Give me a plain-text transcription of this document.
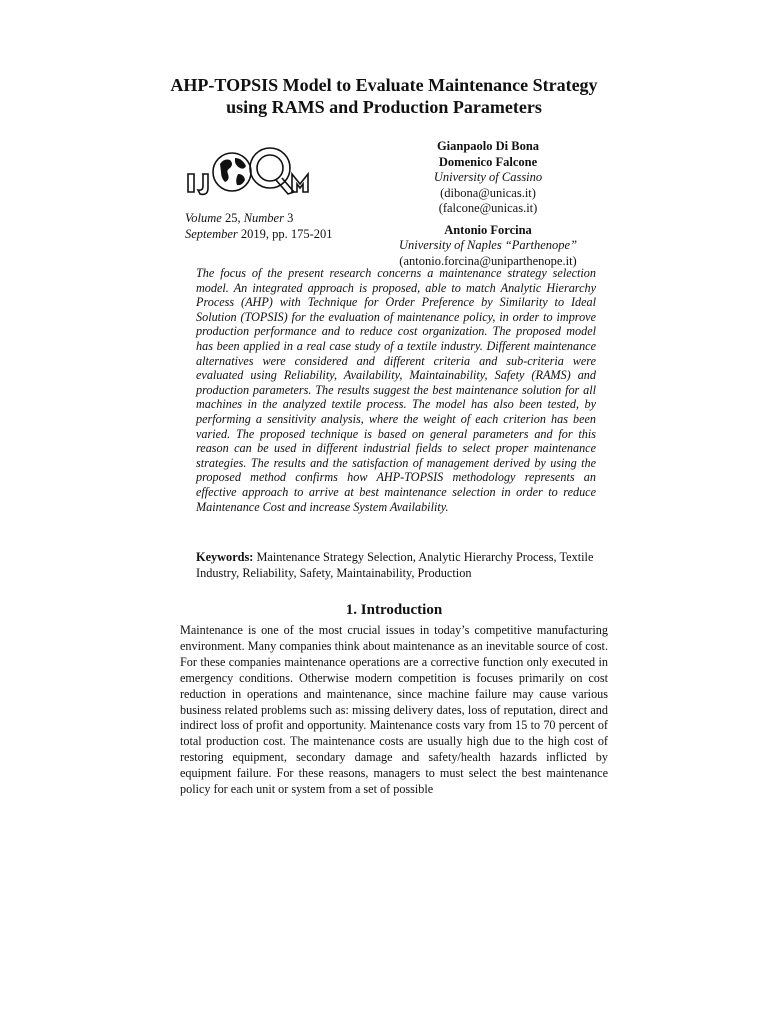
AHP-TOPSIS Model to Evaluate Maintenance Strategy using RAMS and Production Parameters
Volume 25, Number 3
September 2019, pp. 175-201
Gianpaolo Di Bona
Domenico Falcone
University of Cassino
(dibona@unicas.it)
(falcone@unicas.it)
Antonio Forcina
University of Naples “Parthenope”
(antonio.forcina@uniparthenope.it)

The focus of the present research concerns a maintenance strategy selection model. An integrated approach is proposed, able to match Analytic Hierarchy Process (AHP) with Technique for Order Preference by Similarity to Ideal Solution (TOPSIS) for the evaluation of maintenance policy, in order to improve production performance and to reduce cost organization. The proposed model has been applied in a real case study of a textile industry. Different maintenance alternatives were considered and different criteria and sub-criteria were evaluated using Reliability, Availability, Maintainability, Safety (RAMS) and production parameters. The results suggest the best maintenance solution for all machines in the analyzed textile process. The model has also been tested, by performing a sensitivity analysis, where the weight of each criterion has been varied. The proposed technique is based on general parameters and for this reason can be used in different industrial fields to select proper maintenance strategies. The results and the satisfaction of management derived by using the proposed method confirms how AHP-TOPSIS methodology represents an effective approach to arrive at best maintenance selection in order to reduce Maintenance Cost and increase System Availability.

Keywords: Maintenance Strategy Selection, Analytic Hierarchy Process, Textile Industry, Reliability, Safety, Maintainability, Production

1. Introduction

Maintenance is one of the most crucial issues in today’s competitive manufacturing environment. Many companies think about maintenance as an inevitable source of cost. For these companies maintenance operations are a corrective function only executed in emergency conditions. Otherwise modern competition is focuses primarily on cost reduction in operations and maintenance, since machine failure may cause various business related problems such as: missing delivery dates, loss of reputation, direct and indirect loss of profit and opportunity. Maintenance costs vary from 15 to 70 percent of total production cost. The maintenance costs are usually high due to the high cost of restoring equipment, secondary damage and safety/health hazards inflicted by equipment failure. For these reasons, managers to must select the best maintenance policy for each unit or system from a set of possible
